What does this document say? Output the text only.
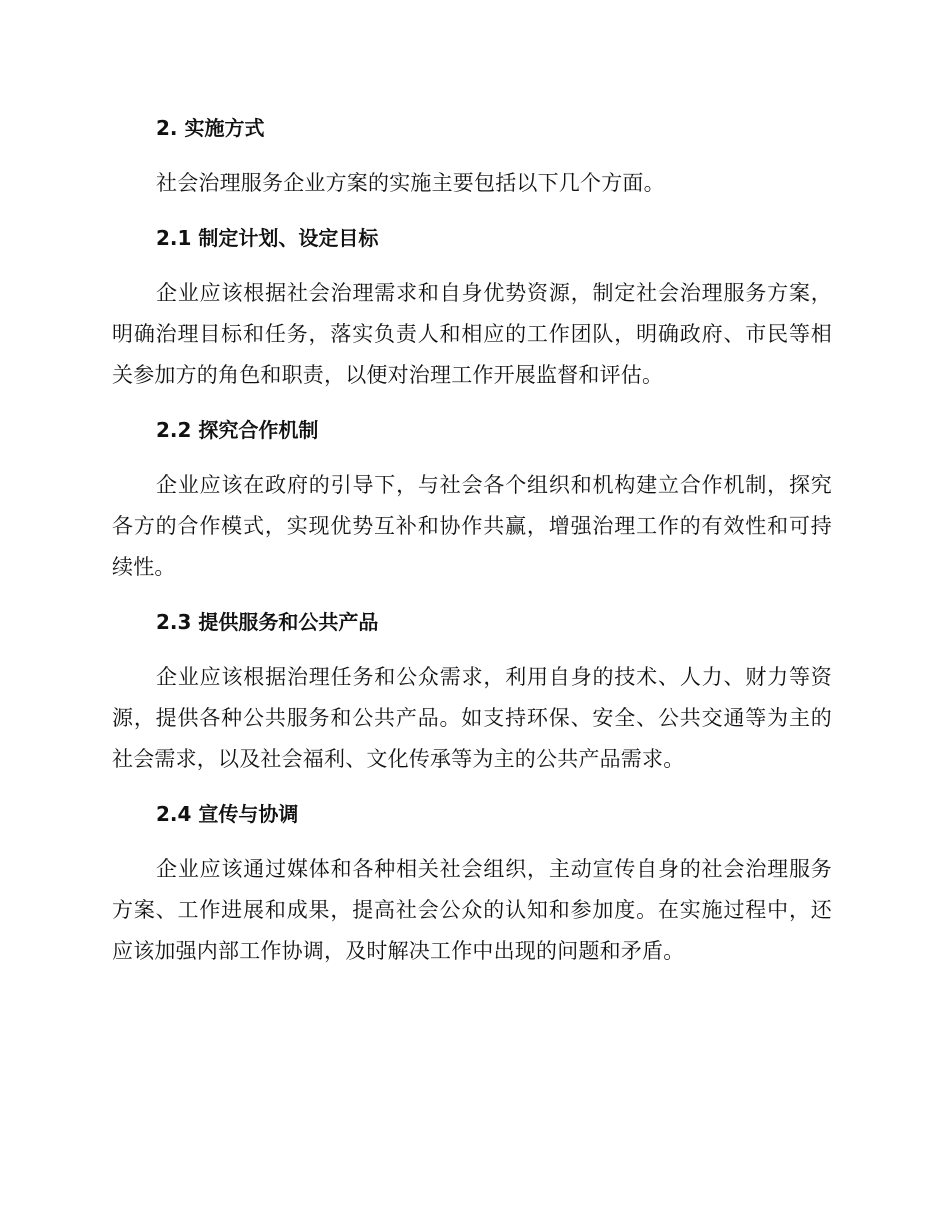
2. 实施方式

社会治理服务企业方案的实施主要包括以下几个方面。

2.1 制定计划、设定目标

企业应该根据社会治理需求和自身优势资源，制定社会治理服务方案，明确治理目标和任务，落实负责人和相应的工作团队，明确政府、市民等相关参加方的角色和职责，以便对治理工作开展监督和评估。

2.2 探究合作机制

企业应该在政府的引导下，与社会各个组织和机构建立合作机制，探究各方的合作模式，实现优势互补和协作共赢，增强治理工作的有效性和可持续性。

2.3 提供服务和公共产品

企业应该根据治理任务和公众需求，利用自身的技术、人力、财力等资源，提供各种公共服务和公共产品。如支持环保、安全、公共交通等为主的社会需求，以及社会福利、文化传承等为主的公共产品需求。

2.4 宣传与协调

企业应该通过媒体和各种相关社会组织，主动宣传自身的社会治理服务方案、工作进展和成果，提高社会公众的认知和参加度。在实施过程中，还应该加强内部工作协调，及时解决工作中出现的问题和矛盾。
